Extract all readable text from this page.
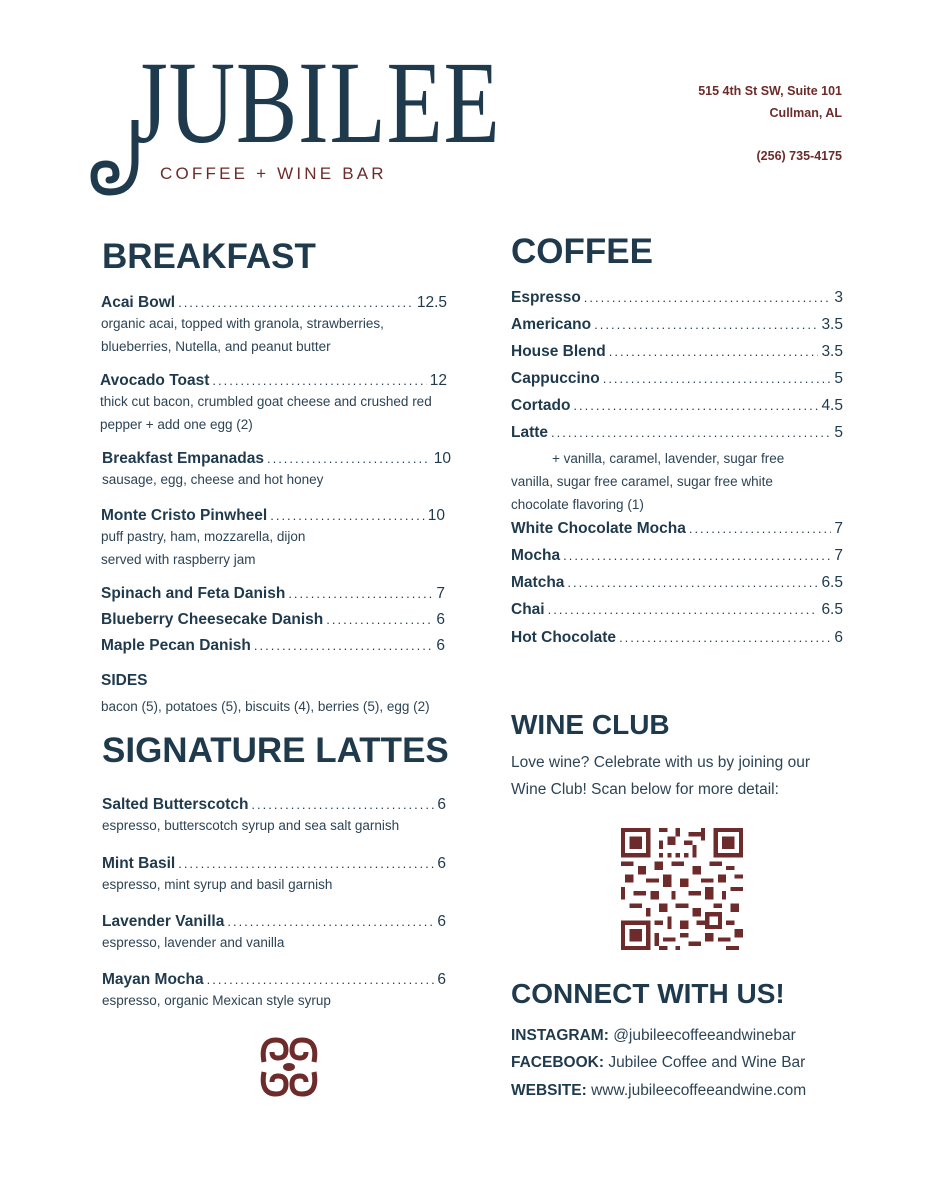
JUBILEE
COFFEE + WINE BAR
515 4th St SW, Suite 101
Cullman, AL
(256) 735-4175
BREAKFAST
Acai Bowl .....	12.5
organic acai, topped with granola, strawberries,
blueberries, Nutella, and peanut butter
Avocado Toast .....	12
thick cut bacon, crumbled goat cheese and crushed red
pepper + add one egg (2)
Breakfast Empanadas .....	10
sausage, egg, cheese and hot honey
Monte Cristo Pinwheel .....	10
puff pastry, ham, mozzarella, dijon
served with raspberry jam
Spinach and Feta Danish .....	7
Blueberry Cheesecake Danish .....	6
Maple Pecan Danish .....	6
SIDES
bacon (5), potatoes (5), biscuits (4), berries (5), egg (2)
SIGNATURE LATTES
Salted Butterscotch .....	6
espresso, butterscotch syrup and sea salt garnish
Mint Basil .....	6
espresso, mint syrup and basil garnish
Lavender Vanilla .....	6
espresso, lavender and vanilla
Mayan Mocha .....	6
espresso, organic Mexican style syrup
COFFEE
Espresso .....	3
Americano .....	3.5
House Blend .....	3.5
Cappuccino .....	5
Cortado .....	4.5
Latte .....	5
+ vanilla, caramel, lavender, sugar free
vanilla, sugar free caramel, sugar free white
chocolate flavoring (1)
White Chocolate Mocha .....	7
Mocha .....	7
Matcha .....	6.5
Chai .....	6.5
Hot Chocolate .....	6
WINE CLUB
Love wine? Celebrate with us by joining our
Wine Club! Scan below for more detail:
CONNECT WITH US!
INSTAGRAM: @jubileecoffeeandwinebar
FACEBOOK: Jubilee Coffee and Wine Bar
WEBSITE: www.jubileecoffeeandwine.com
